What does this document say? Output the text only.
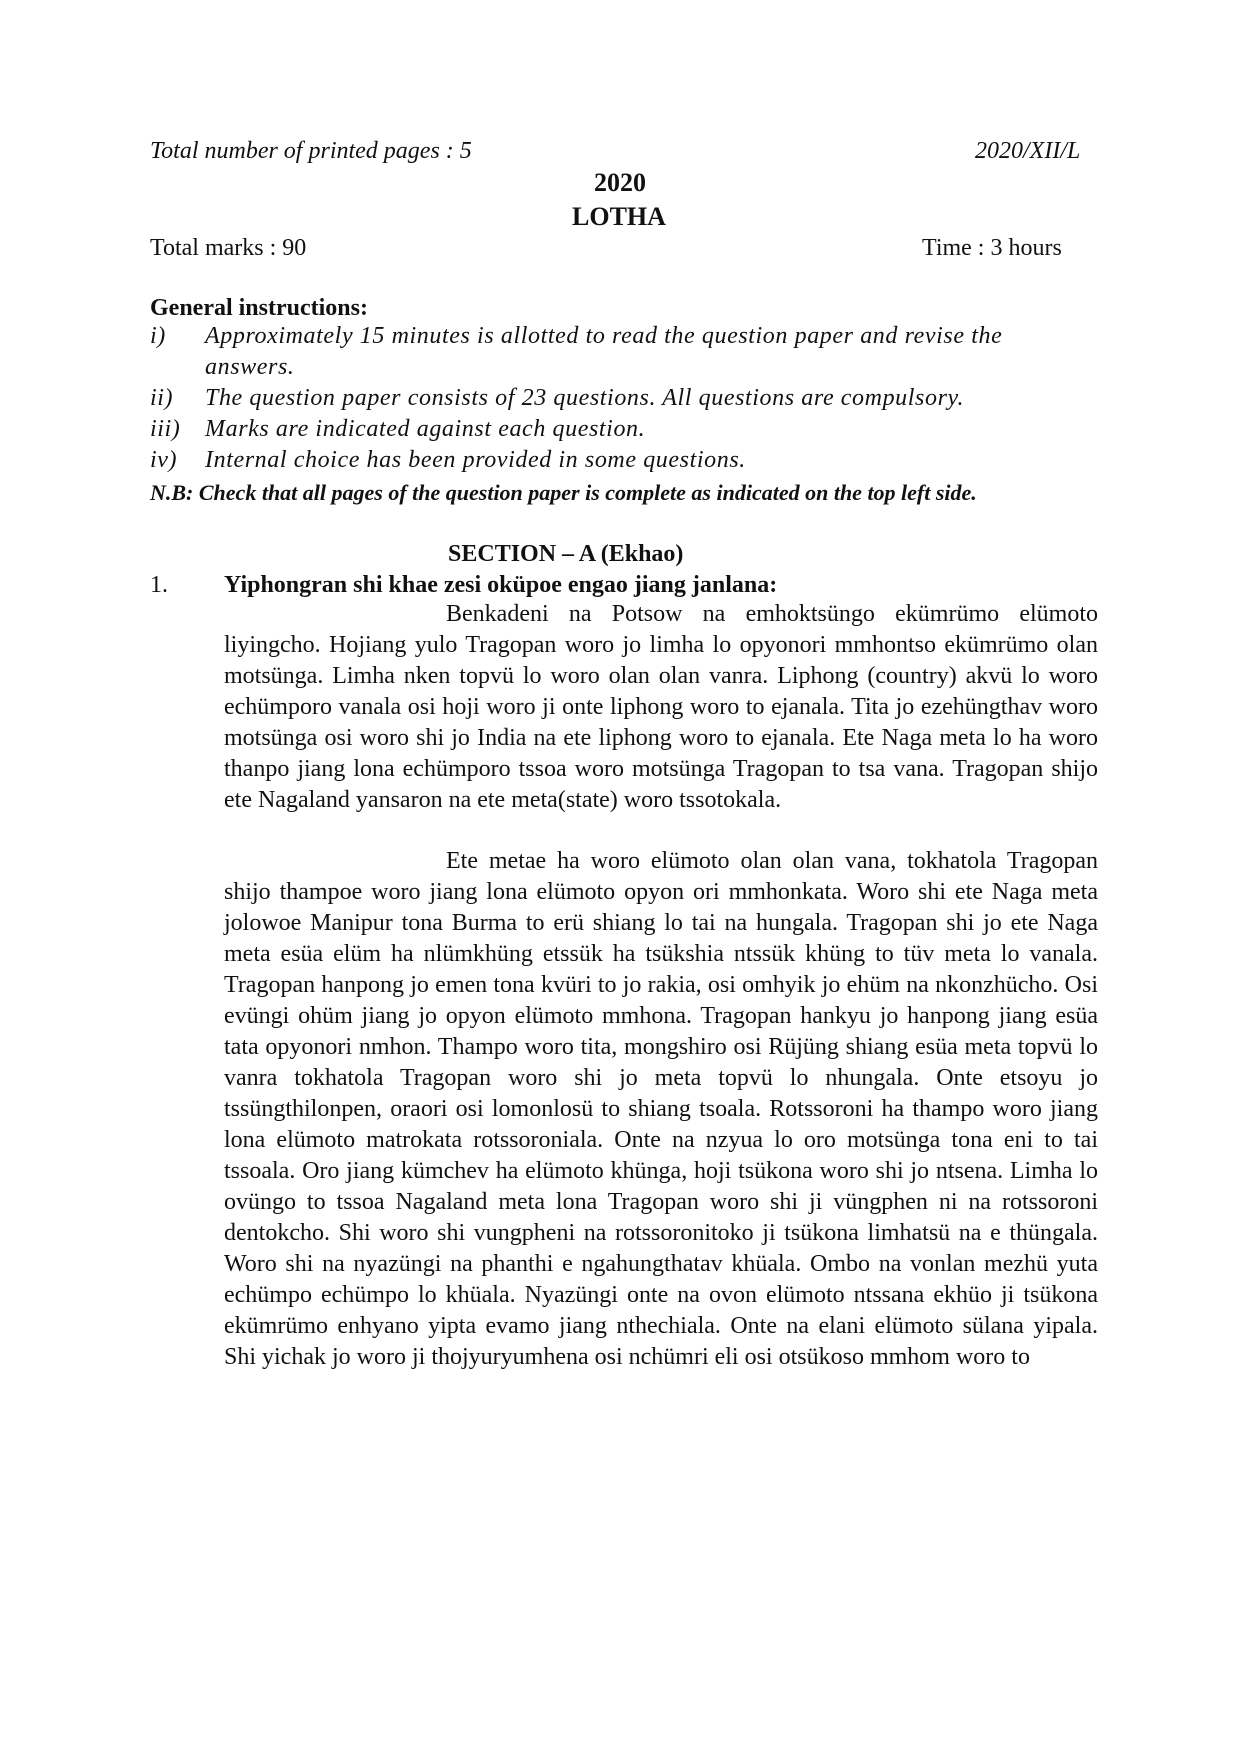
Total number of printed pages : 5	2020/XII/L
2020
LOTHA
Total marks : 90	Time : 3 hours
General instructions:
i) Approximately 15 minutes is allotted to read the question paper and revise the
answers.
ii) The question paper consists of 23 questions. All questions are compulsory.
iii) Marks are indicated against each question.
iv) Internal choice has been provided in some questions.
N.B: Check that all pages of the question paper is complete as indicated on the top left side.
SECTION – A (Ekhao)
1. Yiphongran shi khae zesi oküpoe engao jiang janlana:
Benkadeni na Potsow na emhoktsüngo ekümrümo elümoto liyingcho. Hojiang yulo Tragopan woro jo limha lo opyonori mmhontso ekümrümo olan motsünga. Limha nken topvü lo woro olan olan vanra. Liphong (country) akvü lo woro echümporo vanala osi hoji woro ji onte liphong woro to ejanala. Tita jo ezehüngthav woro motsünga osi woro shi jo India na ete liphong woro to ejanala. Ete Naga meta lo ha woro thanpo jiang lona echümporo tssoa woro motsünga Tragopan to tsa vana. Tragopan shijo ete Nagaland yansaron na ete meta(state) woro tssotokala.
Ete metae ha woro elümoto olan olan vana, tokhatola Tragopan shijo thampoe woro jiang lona elümoto opyon ori mmhonkata. Woro shi ete Naga meta jolowoe Manipur tona Burma to erü shiang lo tai na hungala. Tragopan shi jo ete Naga meta esüa elüm ha nlümkhüng etssük ha tsükshia ntssük khüng to tüv meta lo vanala. Tragopan hanpong jo emen tona kvüri to jo rakia, osi omhyik jo ehüm na nkonzhücho. Osi evüngi ohüm jiang jo opyon elümoto mmhona. Tragopan hankyu jo hanpong jiang esüa tata opyonori nmhon. Thampo woro tita, mongshiro osi Rüjüng shiang esüa meta topvü lo vanra tokhatola Tragopan woro shi jo meta topvü lo nhungala. Onte etsoyu jo tssüngthilonpen, oraori osi lomonlosü to shiang tsoala. Rotssoroni ha thampo woro jiang lona elümoto matrokata rotssoroniala. Onte na nzyua lo oro motsünga tona eni to tai tssoala. Oro jiang kümchev ha elümoto khünga, hoji tsükona woro shi jo ntsena. Limha lo ovüngo to tssoa Nagaland meta lona Tragopan woro shi ji vüngphen ni na rotssoroni dentokcho. Shi woro shi vungpheni na rotssoronitoko ji tsükona limhatsü na e thüngala. Woro shi na nyazüngi na phanthi e ngahungthatav khüala. Ombo na vonlan mezhü yuta echümpo echümpo lo khüala. Nyazüngi onte na ovon elümoto ntssana ekhüo ji tsükona ekümrümo enhyano yipta evamo jiang nthechiala. Onte na elani elümoto sülana yipala. Shi yichak jo woro ji thojyuryumhena osi nchümri eli osi otsükoso mmhom woro to
